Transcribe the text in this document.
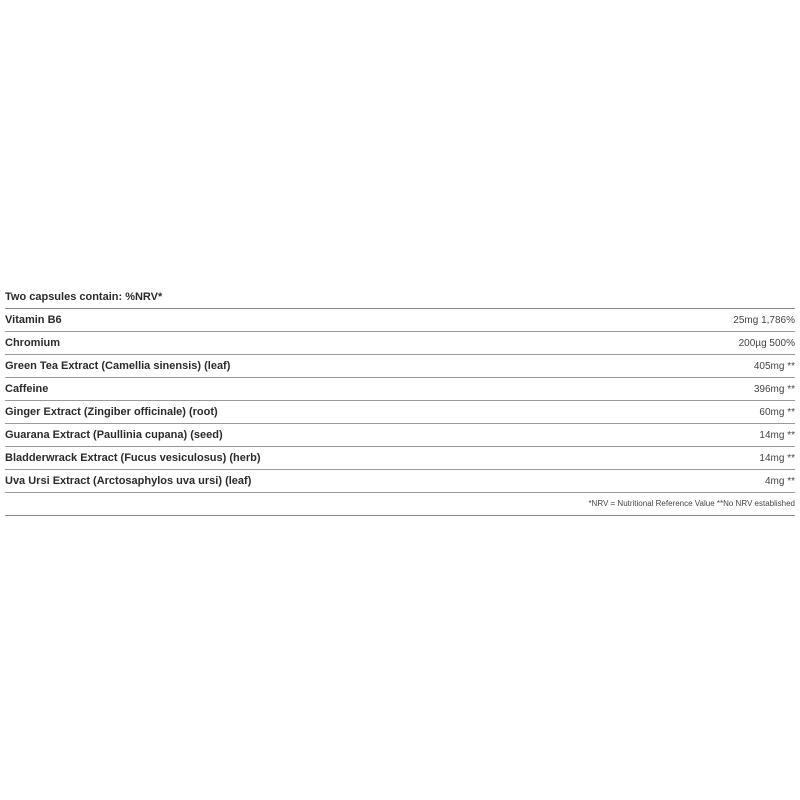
Two capsules contain: %NRV*
Vitamin B6	25mg 1,786%
Chromium	200µg 500%
Green Tea Extract (Camellia sinensis) (leaf)	405mg **
Caffeine	396mg **
Ginger Extract (Zingiber officinale) (root)	60mg **
Guarana Extract (Paullinia cupana) (seed)	14mg **
Bladderwrack Extract (Fucus vesiculosus) (herb)	14mg **
Uva Ursi Extract (Arctosaphylos uva ursi) (leaf)	4mg **
*NRV = Nutritional Reference Value **No NRV established
